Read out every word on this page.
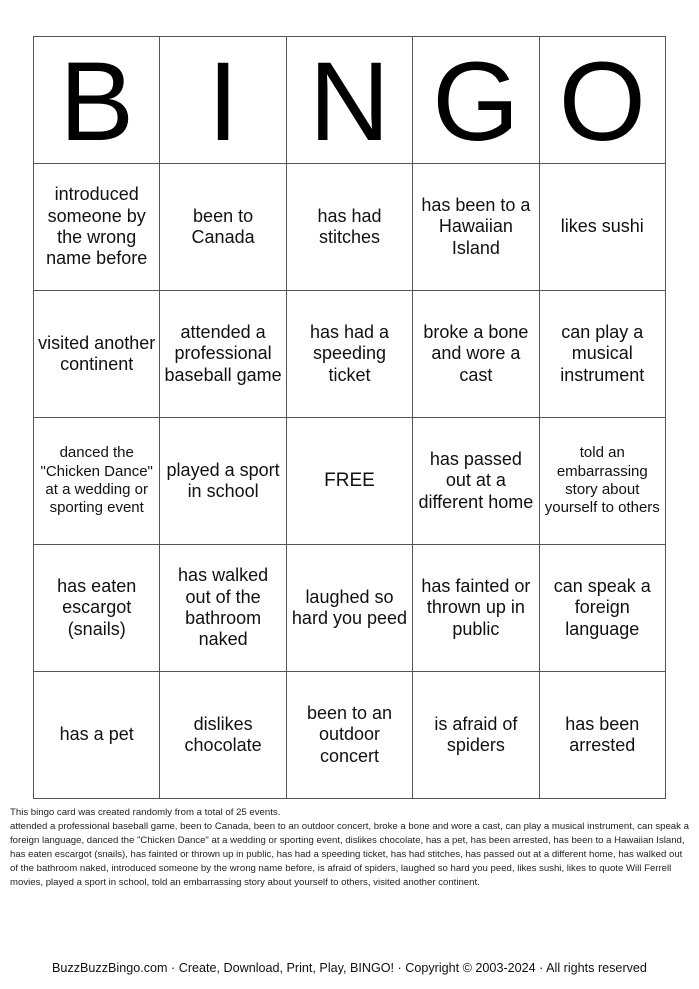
B	I	N	G	O
introduced someone by the wrong name before	been to Canada	has had stitches	has been to a Hawaiian Island	likes sushi
visited another continent	attended a professional baseball game	has had a speeding ticket	broke a bone and wore a cast	can play a musical instrument
danced the "Chicken Dance" at a wedding or sporting event	played a sport in school	FREE	has passed out at a different home	told an embarrassing story about yourself to others
has eaten escargot (snails)	has walked out of the bathroom naked	laughed so hard you peed	has fainted or thrown up in public	can speak a foreign language
has a pet	dislikes chocolate	been to an outdoor concert	is afraid of spiders	has been arrested
This bingo card was created randomly from a total of 25 events.
attended a professional baseball game, been to Canada, been to an outdoor concert, broke a bone and wore a cast, can play a musical instrument, can speak a foreign language, danced the "Chicken Dance" at a wedding or sporting event, dislikes chocolate, has a pet, has been arrested, has been to a Hawaiian Island, has eaten escargot (snails), has fainted or thrown up in public, has had a speeding ticket, has had stitches, has passed out at a different home, has walked out of the bathroom naked, introduced someone by the wrong name before, is afraid of spiders, laughed so hard you peed, likes sushi, likes to quote Will Ferrell movies, played a sport in school, told an embarrassing story about yourself to others, visited another continent.
BuzzBuzzBingo.com · Create, Download, Print, Play, BINGO! · Copyright © 2003-2024 · All rights reserved
